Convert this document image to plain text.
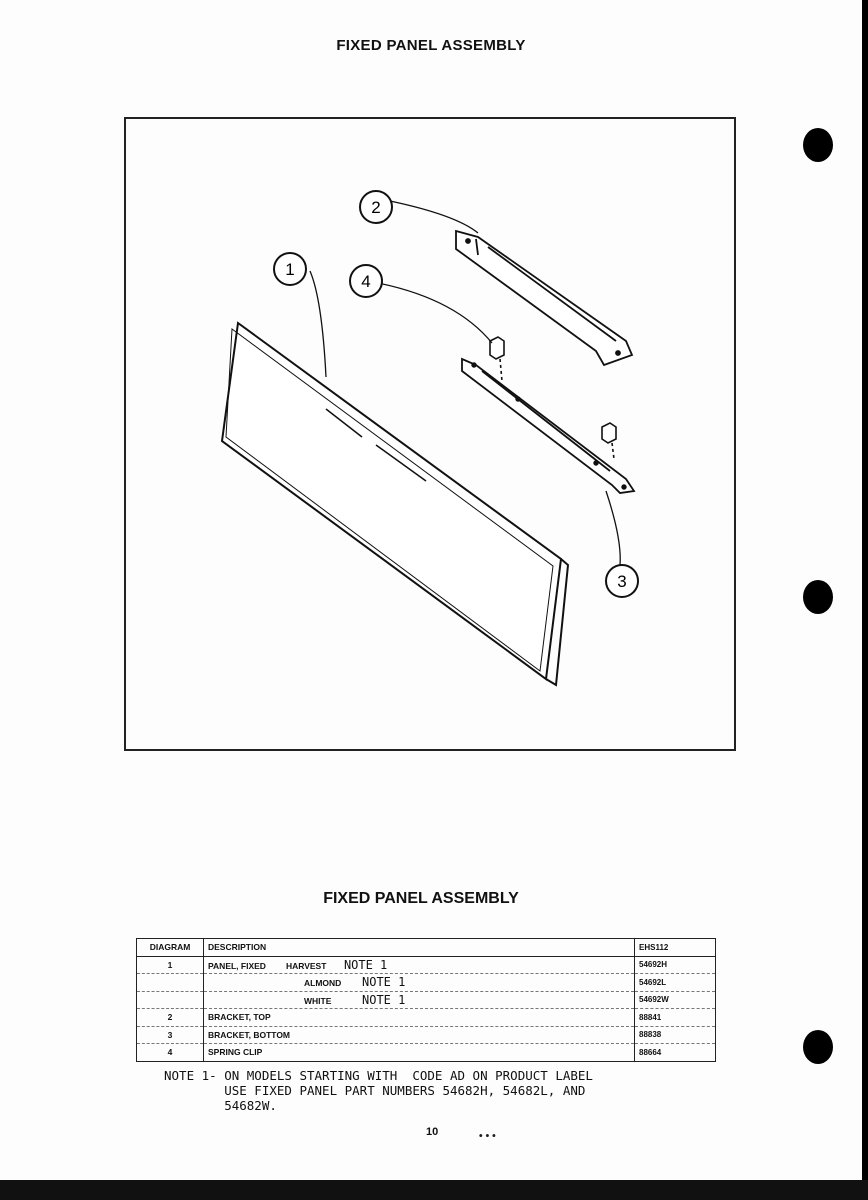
FIXED PANEL ASSEMBLY
1
2
3
4
FIXED PANEL ASSEMBLY
DIAGRAM	DESCRIPTION	EHS112
1	PANEL, FIXED HARVEST NOTE 1	54692H
	ALMOND NOTE 1	54692L
	WHITE NOTE 1	54692W
2	BRACKET, TOP	88841
3	BRACKET, BOTTOM	88838
4	SPRING CLIP	88664
NOTE 1- ON MODELS STARTING WITH  CODE AD ON PRODUCT LABEL
USE FIXED PANEL PART NUMBERS 54682H, 54682L, AND
54682W.
10 ...
